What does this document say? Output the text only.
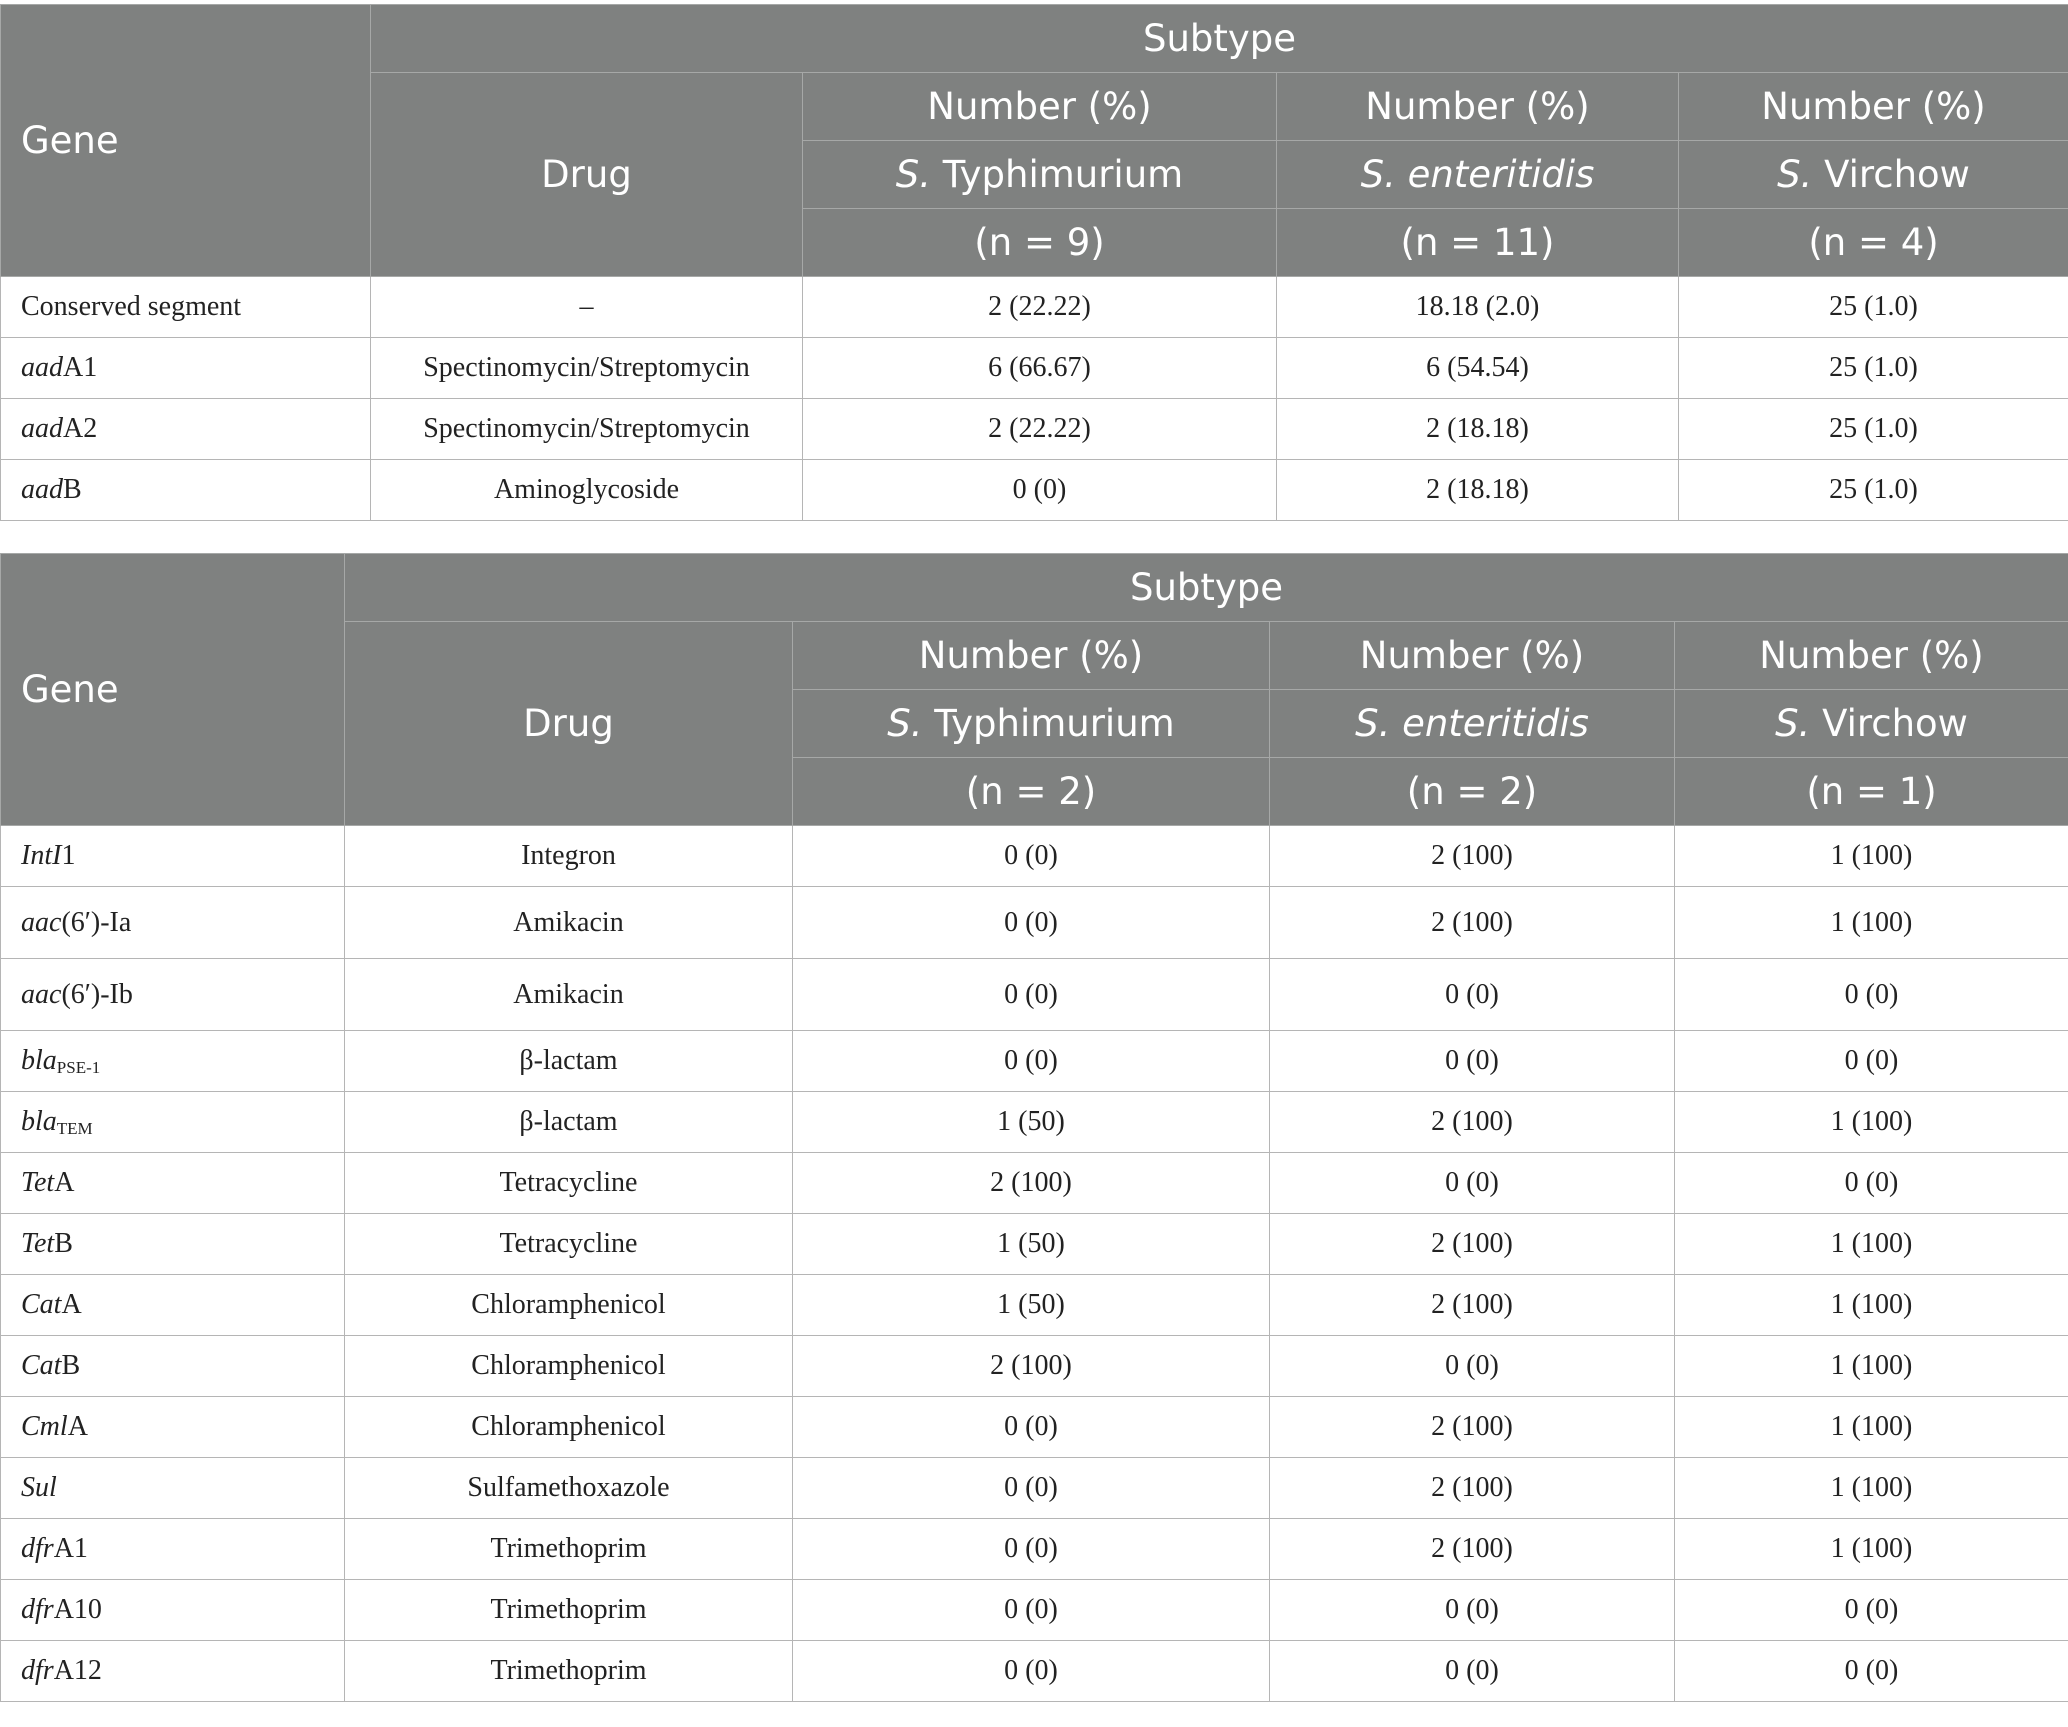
Gene	Subtype			
	Drug	Number (%)	Number (%)	Number (%)
		S. Typhimurium	S. enteritidis	S. Virchow
		(n = 9)	(n = 11)	(n = 4)
Conserved segment	–	2 (22.22)	18.18 (2.0)	25 (1.0)
aadA1	Spectinomycin/Streptomycin	6 (66.67)	6 (54.54)	25 (1.0)
aadA2	Spectinomycin/Streptomycin	2 (22.22)	2 (18.18)	25 (1.0)
aadB	Aminoglycoside	0 (0)	2 (18.18)	25 (1.0)
Gene	Subtype			
	Drug	Number (%)	Number (%)	Number (%)
		S. Typhimurium	S. enteritidis	S. Virchow
		(n = 2)	(n = 2)	(n = 1)
IntI1	Integron	0 (0)	2 (100)	1 (100)
aac(6′)-Ia	Amikacin	0 (0)	2 (100)	1 (100)
aac(6′)-Ib	Amikacin	0 (0)	0 (0)	0 (0)
bla$_{PSE-1}$	β-lactam	0 (0)	0 (0)	0 (0)
bla$_{TEM}$	β-lactam	1 (50)	2 (100)	1 (100)
TetA	Tetracycline	2 (100)	0 (0)	0 (0)
TetB	Tetracycline	1 (50)	2 (100)	1 (100)
CatA	Chloramphenicol	1 (50)	2 (100)	1 (100)
CatB	Chloramphenicol	2 (100)	0 (0)	1 (100)
CmlA	Chloramphenicol	0 (0)	2 (100)	1 (100)
Sul	Sulfamethoxazole	0 (0)	2 (100)	1 (100)
dfrA1	Trimethoprim	0 (0)	2 (100)	1 (100)
dfrA10	Trimethoprim	0 (0)	0 (0)	0 (0)
dfrA12	Trimethoprim	0 (0)	0 (0)	0 (0)
